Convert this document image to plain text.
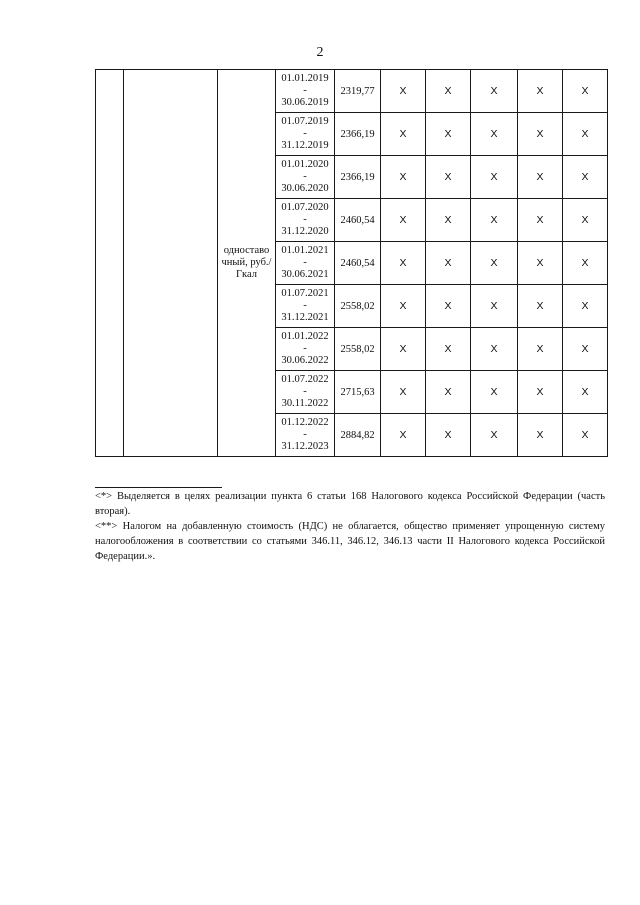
2
		одноставо чный, руб./Гкал	01.01.2019
-
30.06.2019	2319,77	X	X	X	X	X

			01.07.2019
-
31.12.2019	2366,19	X	X	X	X	X

			01.01.2020
-
30.06.2020	2366,19	X	X	X	X	X

			01.07.2020
-
31.12.2020	2460,54	X	X	X	X	X

			01.01.2021
-
30.06.2021	2460,54	X	X	X	X	X

			01.07.2021
-
31.12.2021	2558,02	X	X	X	X	X

			01.01.2022
-
30.06.2022	2558,02	X	X	X	X	X

			01.07.2022
-
30.11.2022	2715,63	X	X	X	X	X

			01.12.2022
-
31.12.2023	2884,82	X	X	X	X	X

<*> Выделяется в целях реализации пункта 6 статьи 168 Налогового кодекса Российской Федерации (часть вторая).

<**> Налогом на добавленную стоимость (НДС) не облагается, общество применяет упрощенную систему налогообложения в соответствии со статьями 346.11, 346.12, 346.13 части II Налогового кодекса Российской Федерации.».
